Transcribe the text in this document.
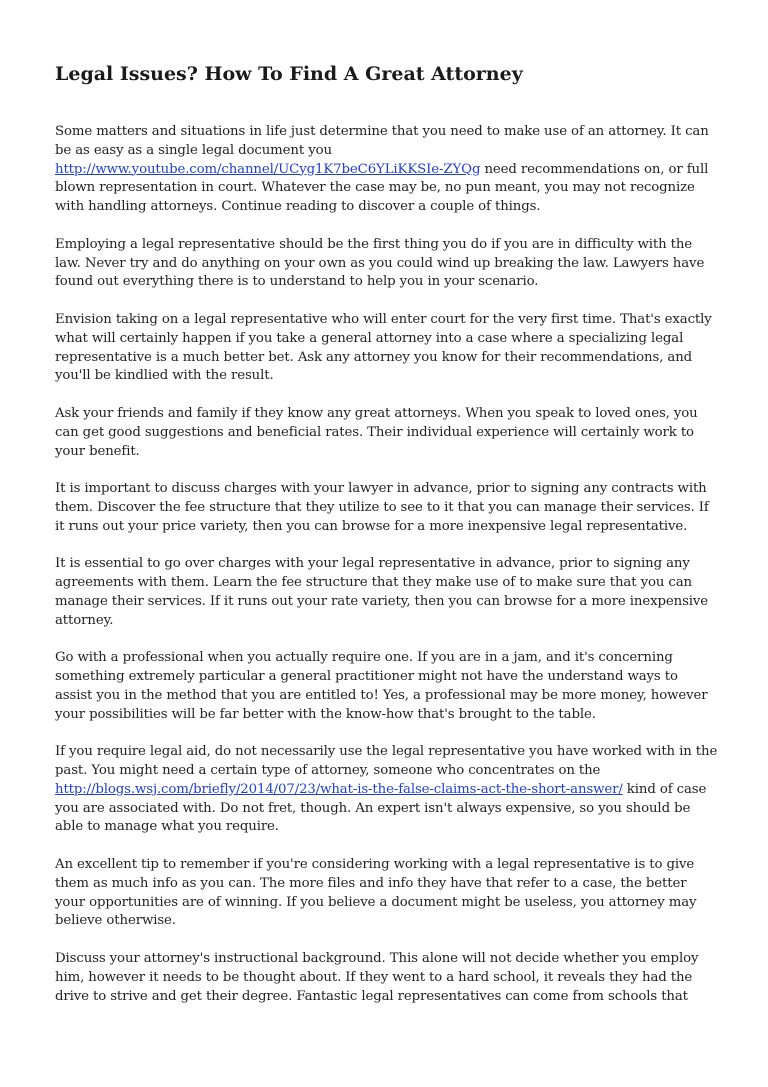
Legal Issues? How To Find A Great Attorney

Some matters and situations in life just determine that you need to make use of an attorney. It can be as easy as a single legal document you http://www.youtube.com/channel/UCyg1K7beC6YLiKKSIe-ZYQg need recommendations on, or full blown representation in court. Whatever the case may be, no pun meant, you may not recognize with handling attorneys. Continue reading to discover a couple of things.

Employing a legal representative should be the first thing you do if you are in difficulty with the law. Never try and do anything on your own as you could wind up breaking the law. Lawyers have found out everything there is to understand to help you in your scenario.

Envision taking on a legal representative who will enter court for the very first time. That's exactly what will certainly happen if you take a general attorney into a case where a specializing legal representative is a much better bet. Ask any attorney you know for their recommendations, and you'll be kindlied with the result.

Ask your friends and family if they know any great attorneys. When you speak to loved ones, you can get good suggestions and beneficial rates. Their individual experience will certainly work to your benefit.

It is important to discuss charges with your lawyer in advance, prior to signing any contracts with them. Discover the fee structure that they utilize to see to it that you can manage their services. If it runs out your price variety, then you can browse for a more inexpensive legal representative.

It is essential to go over charges with your legal representative in advance, prior to signing any agreements with them. Learn the fee structure that they make use of to make sure that you can manage their services. If it runs out your rate variety, then you can browse for a more inexpensive attorney.

Go with a professional when you actually require one. If you are in a jam, and it's concerning something extremely particular a general practitioner might not have the understand ways to assist you in the method that you are entitled to! Yes, a professional may be more money, however your possibilities will be far better with the know-how that's brought to the table.

If you require legal aid, do not necessarily use the legal representative you have worked with in the past. You might need a certain type of attorney, someone who concentrates on the http://blogs.wsj.com/briefly/2014/07/23/what-is-the-false-claims-act-the-short-answer/ kind of case you are associated with. Do not fret, though. An expert isn't always expensive, so you should be able to manage what you require.

An excellent tip to remember if you're considering working with a legal representative is to give them as much info as you can. The more files and info they have that refer to a case, the better your opportunities are of winning. If you believe a document might be useless, you attorney may believe otherwise.

Discuss your attorney's instructional background. This alone will not decide whether you employ him, however it needs to be thought about. If they went to a hard school, it reveals they had the drive to strive and get their degree. Fantastic legal representatives can come from schools that
